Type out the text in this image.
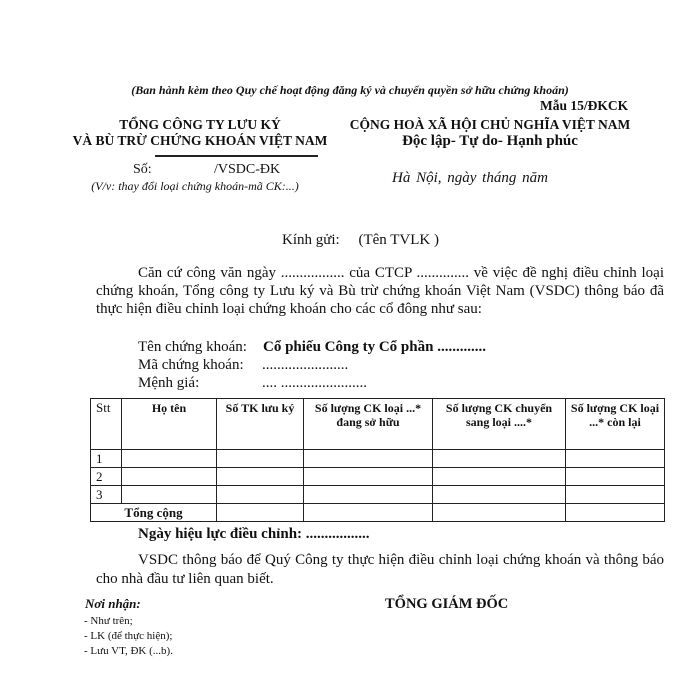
(Ban hành kèm theo Quy chế hoạt động đăng ký và chuyển quyền sở hữu chứng khoán)
Mẫu 15/ĐKCK
TỔNG CÔNG TY LƯU KÝ
VÀ BÙ TRỪ CHỨNG KHOÁN VIỆT NAM
CỘNG HOÀ XÃ HỘI CHỦ NGHĨA VIỆT NAM
Độc lập- Tự do- Hạnh phúc
Số:	/VSDC-ĐK
(V/v: thay đổi loại chứng khoán-mã CK:...)	Hà Nội, ngày tháng năm
Kính gửi:     (Tên TVLK )
Căn cứ công văn ngày ................. của CTCP .............. về việc đề nghị điều chỉnh loại chứng khoán, Tổng công ty Lưu ký và Bù trừ chứng khoán Việt Nam (VSDC) thông báo đã thực hiện điều chỉnh loại chứng khoán cho các cổ đông như sau:
Tên chứng khoán:	Cổ phiếu Công ty Cổ phần .............
Mã chứng khoán:	.......................
Mệnh giá:	.... .......................
Stt	Họ tên	Số TK lưu ký	Số lượng CK loại ...* đang sở hữu	Số lượng CK chuyển sang loại ....*	Số lượng CK loại ...* còn lại
1					
2					
3					
Tổng cộng					
Ngày hiệu lực điều chỉnh: .................
VSDC thông báo để Quý Công ty thực hiện điều chỉnh loại chứng khoán và thông báo cho nhà đầu tư liên quan biết.
Nơi nhận:
- Như trên;
- LK (để thực hiện);
- Lưu VT, ĐK (...b).
TỔNG GIÁM ĐỐC
